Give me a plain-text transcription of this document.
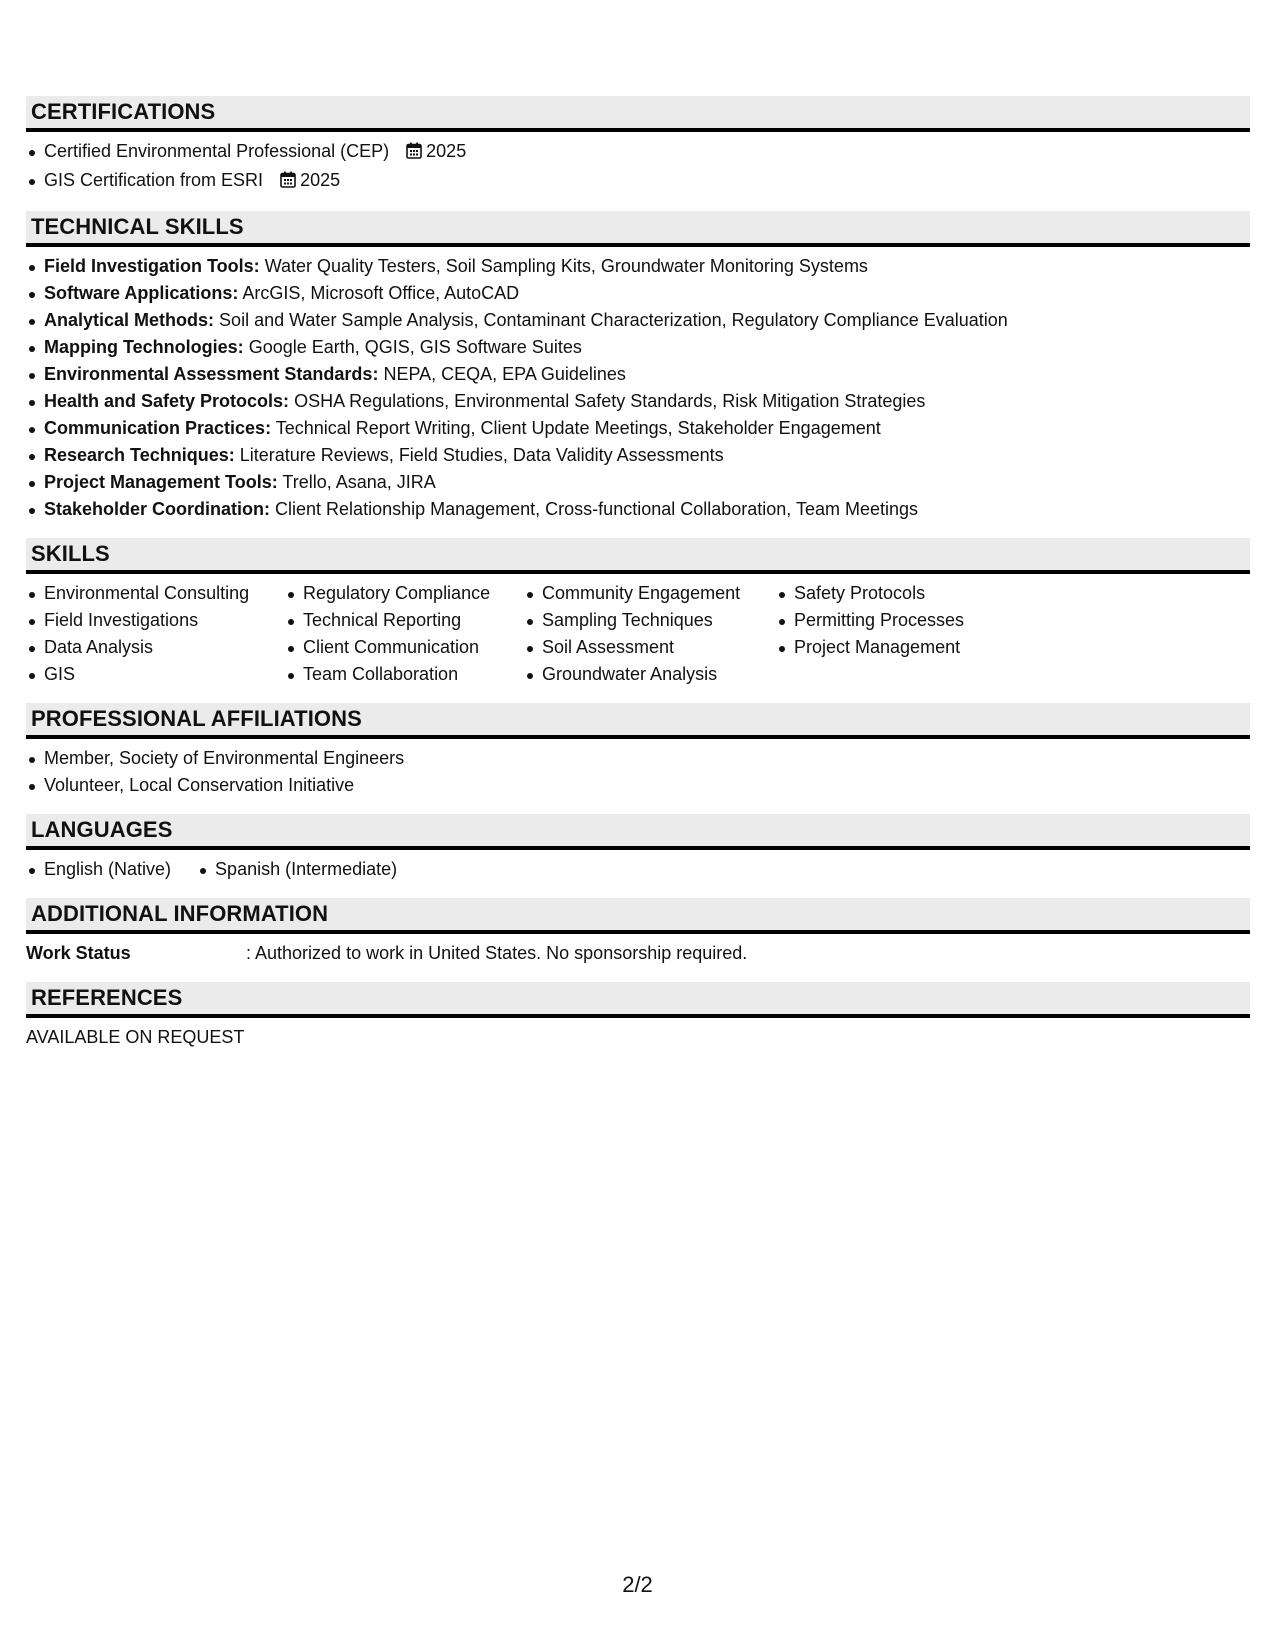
CERTIFICATIONS
Certified Environmental Professional (CEP) 2025
GIS Certification from ESRI 2025
TECHNICAL SKILLS
Field Investigation Tools: Water Quality Testers, Soil Sampling Kits, Groundwater Monitoring Systems
Software Applications: ArcGIS, Microsoft Office, AutoCAD
Analytical Methods: Soil and Water Sample Analysis, Contaminant Characterization, Regulatory Compliance Evaluation
Mapping Technologies: Google Earth, QGIS, GIS Software Suites
Environmental Assessment Standards: NEPA, CEQA, EPA Guidelines
Health and Safety Protocols: OSHA Regulations, Environmental Safety Standards, Risk Mitigation Strategies
Communication Practices: Technical Report Writing, Client Update Meetings, Stakeholder Engagement
Research Techniques: Literature Reviews, Field Studies, Data Validity Assessments
Project Management Tools: Trello, Asana, JIRA
Stakeholder Coordination: Client Relationship Management, Cross-functional Collaboration, Team Meetings
SKILLS
Environmental Consulting
Field Investigations
Data Analysis
GIS
Regulatory Compliance
Technical Reporting
Client Communication
Team Collaboration
Community Engagement
Sampling Techniques
Soil Assessment
Groundwater Analysis
Safety Protocols
Permitting Processes
Project Management
PROFESSIONAL AFFILIATIONS
Member, Society of Environmental Engineers
Volunteer, Local Conservation Initiative
LANGUAGES
English (Native)	Spanish (Intermediate)
ADDITIONAL INFORMATION
Work Status	: Authorized to work in United States. No sponsorship required.
REFERENCES
AVAILABLE ON REQUEST
2/2
